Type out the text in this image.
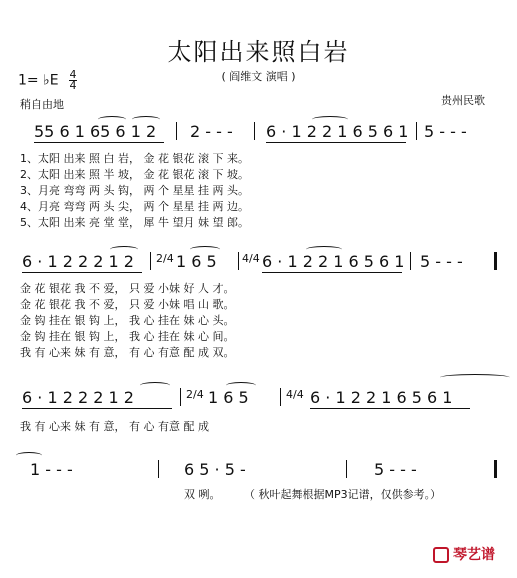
太阳出来照白岩
( 阎维文 演唱 )
1= ♭E $\frac{4}{4}$
稍自由地	贵州民歌
55 6 1 65 6 1 2 2 - - - 6 · 1 2 2 1 6 5 6 1 5 - - -
1、太阳 出来 照 白 岩， 金 花 银花 滚 下 来。
2、太阳 出来 照 半 坡， 金 花 银花 滚 下 坡。
3、月亮 弯弯 两 头 钩， 两 个 星星 挂 两 头。
4、月亮 弯弯 两 头 尖， 两 个 星星 挂 两 边。
5、太阳 出来 亮 堂 堂， 犀 牛 望月 妹 望 郎。
6 · 1 2 2 2 1 2 2/4 1 6 5 4/4 6 · 1 2 2 1 6 5 6 1 5 - - -
金 花 银花 我 不 爱， 只 爱 小妹 好 人 才。
金 花 银花 我 不 爱， 只 爱 小妹 唱 山 歌。
金 钩 挂在 银 钩 上， 我 心 挂在 妹 心 头。
金 钩 挂在 银 钩 上， 我 心 挂在 妹 心 间。
我 有 心来 妹 有 意， 有 心 有意 配 成 双。
6 · 1 2 2 2 1 2	2/4 1 6 5	4/4 6 · 1 2 2 1 6 5 6 1
我 有 心来 妹 有 意， 有 心 有意 配 成
1 - - -	6 5 · 5 -	5 - - -
双 咧。 （ 秋叶起舞根据MP3记谱，仅供参考。）
琴艺谱
